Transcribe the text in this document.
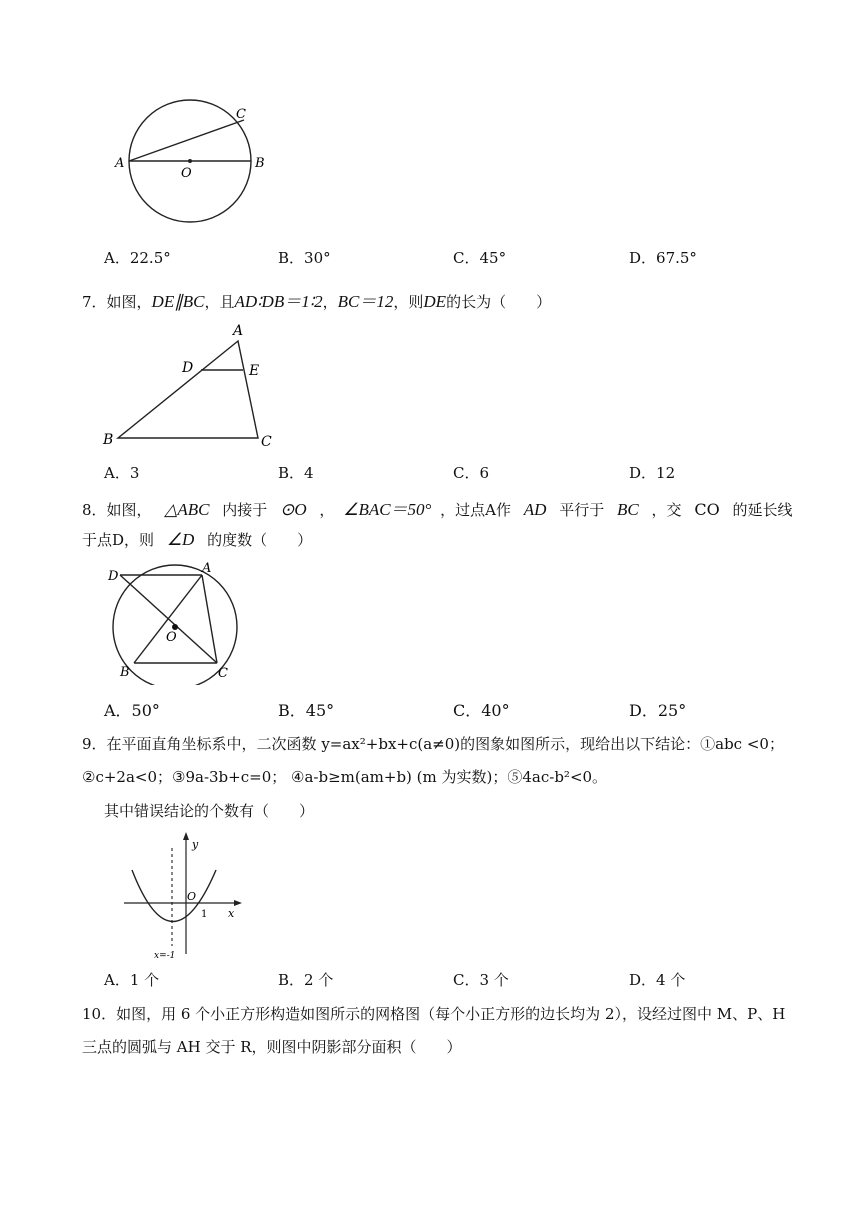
A	B
C
O
A．22.5°	B．30°	C．45°	D．67.5°
7．如图，DE∥BC，且AD∶DB＝1∶2，BC＝12，则DE的长为（　　）
A
B	C
D	E
A．3	B．4	C．6	D．12
8．如图， △ABC 内接于 ⊙O ， ∠BAC＝50° ，过点A作 AD 平行于 BC ，交 CO 的延长线
于点D，则 ∠D 的度数（　　）
A
B	C
D
O
A．50°	B．45°	C．40°	D．25°
9．在平面直角坐标系中，二次函数 y=ax²+bx+c(a≠0)的图象如图所示，现给出以下结论：①abc <0；
②c+2a<0；③9a-3b+c=0； ④a-b≥m(am+b) (m 为实数)；⑤4ac-b²<0。
其中错误结论的个数有（　　）
y
x
O
1
x=-1
A．1 个	B．2 个	C．3 个	D．4 个
10．如图，用 6 个小正方形构造如图所示的网格图（每个小正方形的边长均为 2），设经过图中 M、P、H
三点的圆弧与 AH 交于 R，则图中阴影部分面积（　　）
